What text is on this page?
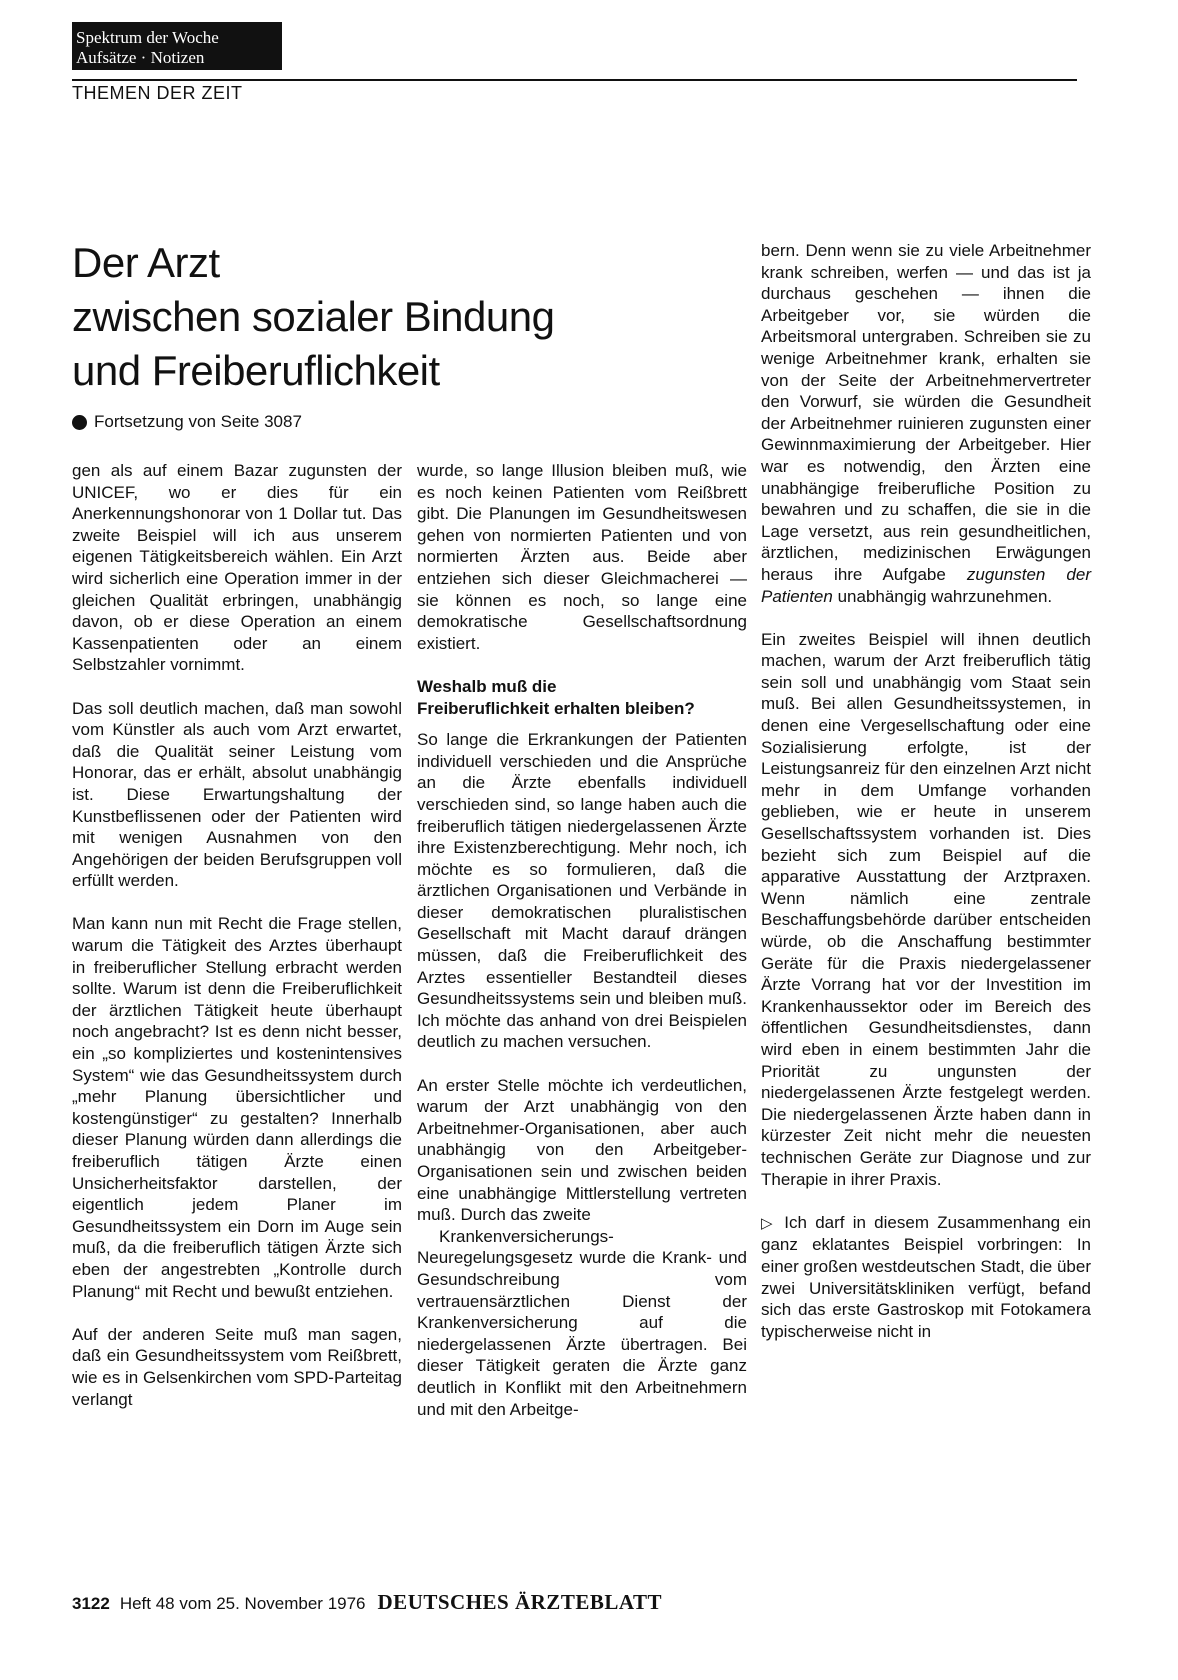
Spektrum der Woche
Aufsätze · Notizen
THEMEN DER ZEIT
Der Arzt
zwischen sozialer Bindung
und Freiberuflichkeit
Fortsetzung von Seite 3087

gen als auf einem Bazar zugunsten der UNICEF, wo er dies für ein Anerkennungshonorar von 1 Dollar tut. Das zweite Beispiel will ich aus unserem eigenen Tätigkeitsbereich wählen. Ein Arzt wird sicherlich eine Operation immer in der gleichen Qualität erbringen, unabhängig davon, ob er diese Operation an einem Kassenpatienten oder an einem Selbstzahler vornimmt.

Das soll deutlich machen, daß man sowohl vom Künstler als auch vom Arzt erwartet, daß die Qualität seiner Leistung vom Honorar, das er erhält, absolut unabhängig ist. Diese Erwartungshaltung der Kunstbeflissenen oder der Patienten wird mit wenigen Ausnahmen von den Angehörigen der beiden Berufsgruppen voll erfüllt werden.

Man kann nun mit Recht die Frage stellen, warum die Tätigkeit des Arztes überhaupt in freiberuflicher Stellung erbracht werden sollte. Warum ist denn die Freiberuflichkeit der ärztlichen Tätigkeit heute überhaupt noch angebracht? Ist es denn nicht besser, ein „so kompliziertes und kostenintensives System“ wie das Gesundheitssystem durch „mehr Planung übersichtlicher und kostengünstiger“ zu gestalten? Innerhalb dieser Planung würden dann allerdings die freiberuflich tätigen Ärzte einen Unsicherheitsfaktor darstellen, der eigentlich jedem Planer im Gesundheitssystem ein Dorn im Auge sein muß, da die freiberuflich tätigen Ärzte sich eben der angestrebten „Kontrolle durch Planung“ mit Recht und bewußt entziehen.

Auf der anderen Seite muß man sagen, daß ein Gesundheitssystem vom Reißbrett, wie es in Gelsenkirchen vom SPD-Parteitag verlangt

wurde, so lange Illusion bleiben muß, wie es noch keinen Patienten vom Reißbrett gibt. Die Planungen im Gesundheitswesen gehen von normierten Patienten und von normierten Ärzten aus. Beide aber entziehen sich dieser Gleichmacherei — sie können es noch, so lange eine demokratische Gesellschaftsordnung existiert.

Weshalb muß die

Freiberuflichkeit erhalten bleiben?

So lange die Erkrankungen der Patienten individuell verschieden und die Ansprüche an die Ärzte ebenfalls individuell verschieden sind, so lange haben auch die freiberuflich tätigen niedergelassenen Ärzte ihre Existenzberechtigung. Mehr noch, ich möchte es so formulieren, daß die ärztlichen Organisationen und Verbände in dieser demokratischen pluralistischen Gesellschaft mit Macht darauf drängen müssen, daß die Freiberuflichkeit des Arztes essentieller Bestandteil dieses Gesundheitssystems sein und bleiben muß. Ich möchte das anhand von drei Beispielen deutlich zu machen versuchen.

An erster Stelle möchte ich verdeutlichen, warum der Arzt unabhängig von den Arbeitnehmer-Organisationen, aber auch unabhängig von den Arbeitgeber-Organisationen sein und zwischen beiden eine unabhängige Mittlerstellung vertreten muß. Durch das zweite

Krankenversicherungs-Neuregelungsgesetz wurde die Krank- und Gesundschreibung vom vertrauensärztlichen Dienst der Krankenversicherung auf die niedergelassenen Ärzte übertragen. Bei dieser Tätigkeit geraten die Ärzte ganz deutlich in Konflikt mit den Arbeitnehmern und mit den Arbeitge-

bern. Denn wenn sie zu viele Arbeitnehmer krank schreiben, werfen — und das ist ja durchaus geschehen — ihnen die Arbeitgeber vor, sie würden die Arbeitsmoral untergraben. Schreiben sie zu wenige Arbeitnehmer krank, erhalten sie von der Seite der Arbeitnehmervertreter den Vorwurf, sie würden die Gesundheit der Arbeitnehmer ruinieren zugunsten einer Gewinnmaximierung der Arbeitgeber. Hier war es notwendig, den Ärzten eine unabhängige freiberufliche Position zu bewahren und zu schaffen, die sie in die Lage versetzt, aus rein gesundheitlichen, ärztlichen, medizinischen Erwägungen heraus ihre Aufgabe zugunsten der Patienten unabhängig wahrzunehmen.

Ein zweites Beispiel will ihnen deutlich machen, warum der Arzt freiberuflich tätig sein soll und unabhängig vom Staat sein muß. Bei allen Gesundheitssystemen, in denen eine Vergesellschaftung oder eine Sozialisierung erfolgte, ist der Leistungsanreiz für den einzelnen Arzt nicht mehr in dem Umfange vorhanden geblieben, wie er heute in unserem Gesellschaftssystem vorhanden ist. Dies bezieht sich zum Beispiel auf die apparative Ausstattung der Arztpraxen. Wenn nämlich eine zentrale Beschaffungsbehörde darüber entscheiden würde, ob die Anschaffung bestimmter Geräte für die Praxis niedergelassener Ärzte Vorrang hat vor der Investition im Krankenhaussektor oder im Bereich des öffentlichen Gesundheitsdienstes, dann wird eben in einem bestimmten Jahr die Priorität zu ungunsten der niedergelassenen Ärzte festgelegt werden. Die niedergelassenen Ärzte haben dann in kürzester Zeit nicht mehr die neuesten technischen Geräte zur Diagnose und zur Therapie in ihrer Praxis.

▷ Ich darf in diesem Zusammenhang ein ganz eklatantes Beispiel vorbringen: In einer großen westdeutschen Stadt, die über zwei Universitätskliniken verfügt, befand sich das erste Gastroskop mit Fotokamera typischerweise nicht in

3122 Heft 48 vom 25. November 1976 DEUTSCHES ÄRZTEBLATT
